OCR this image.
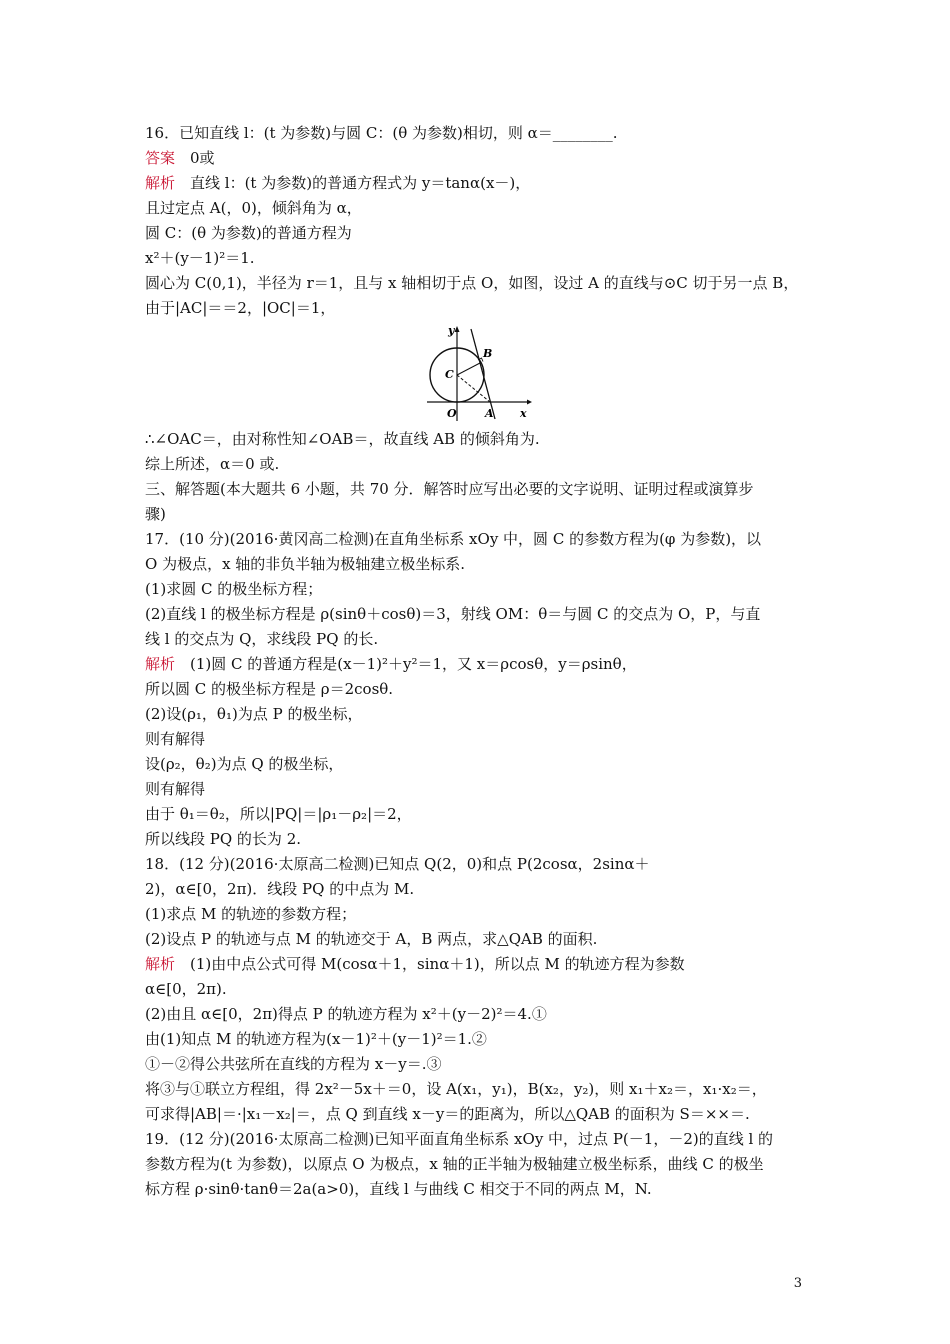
16．已知直线 l：(t 为参数)与圆 C：(θ 为参数)相切，则 α＝________.
答案　0或
解析　直线 l：(t 为参数)的普通方程式为 y＝tanα(x－)，
且过定点 A(，0)，倾斜角为 α，
圆 C：(θ 为参数)的普通方程为
x²＋(y－1)²＝1.
圆心为 C(0,1)，半径为 r＝1，且与 x 轴相切于点 O，如图，设过 A 的直线与⊙C 切于另一点 B，
由于|AC|＝＝2，|OC|＝1，
y
x
O	A
B
C
∴∠OAC＝，由对称性知∠OAB＝，故直线 AB 的倾斜角为.
综上所述，α＝0 或.
三、解答题(本大题共 6 小题，共 70 分．解答时应写出必要的文字说明、证明过程或演算步
骤)
17．(10 分)(2016·黄冈高二检测)在直角坐标系 xOy 中，圆 C 的参数方程为(φ 为参数)，以
O 为极点，x 轴的非负半轴为极轴建立极坐标系.
(1)求圆 C 的极坐标方程；
(2)直线 l 的极坐标方程是 ρ(sinθ＋cosθ)＝3，射线 OM：θ＝与圆 C 的交点为 O，P，与直
线 l 的交点为 Q，求线段 PQ 的长.
解析　(1)圆 C 的普通方程是(x－1)²＋y²＝1，又 x＝ρcosθ，y＝ρsinθ，
所以圆 C 的极坐标方程是 ρ＝2cosθ.
(2)设(ρ₁，θ₁)为点 P 的极坐标，
则有解得
设(ρ₂，θ₂)为点 Q 的极坐标，
则有解得
由于 θ₁＝θ₂，所以|PQ|＝|ρ₁－ρ₂|＝2，
所以线段 PQ 的长为 2.
18．(12 分)(2016·太原高二检测)已知点 Q(2，0)和点 P(2cosα，2sinα＋
2)，α∈[0，2π)．线段 PQ 的中点为 M.
(1)求点 M 的轨迹的参数方程；
(2)设点 P 的轨迹与点 M 的轨迹交于 A，B 两点，求△QAB 的面积.
解析　(1)由中点公式可得 M(cosα＋1，sinα＋1)，所以点 M 的轨迹方程为参数
α∈[0，2π).
(2)由且 α∈[0，2π)得点 P 的轨迹方程为 x²＋(y－2)²＝4.①
由(1)知点 M 的轨迹方程为(x－1)²＋(y－1)²＝1.②
①－②得公共弦所在直线的方程为 x－y＝.③
将③与①联立方程组，得 2x²－5x＋＝0，设 A(x₁，y₁)，B(x₂，y₂)，则 x₁＋x₂＝，x₁·x₂＝，
可求得|AB|＝·|x₁－x₂|＝，点 Q 到直线 x－y＝的距离为，所以△QAB 的面积为 S＝××＝.
19．(12 分)(2016·太原高二检测)已知平面直角坐标系 xOy 中，过点 P(－1，－2)的直线 l 的
参数方程为(t 为参数)，以原点 O 为极点，x 轴的正半轴为极轴建立极坐标系，曲线 C 的极坐
标方程 ρ·sinθ·tanθ＝2a(a>0)，直线 l 与曲线 C 相交于不同的两点 M，N.
3
